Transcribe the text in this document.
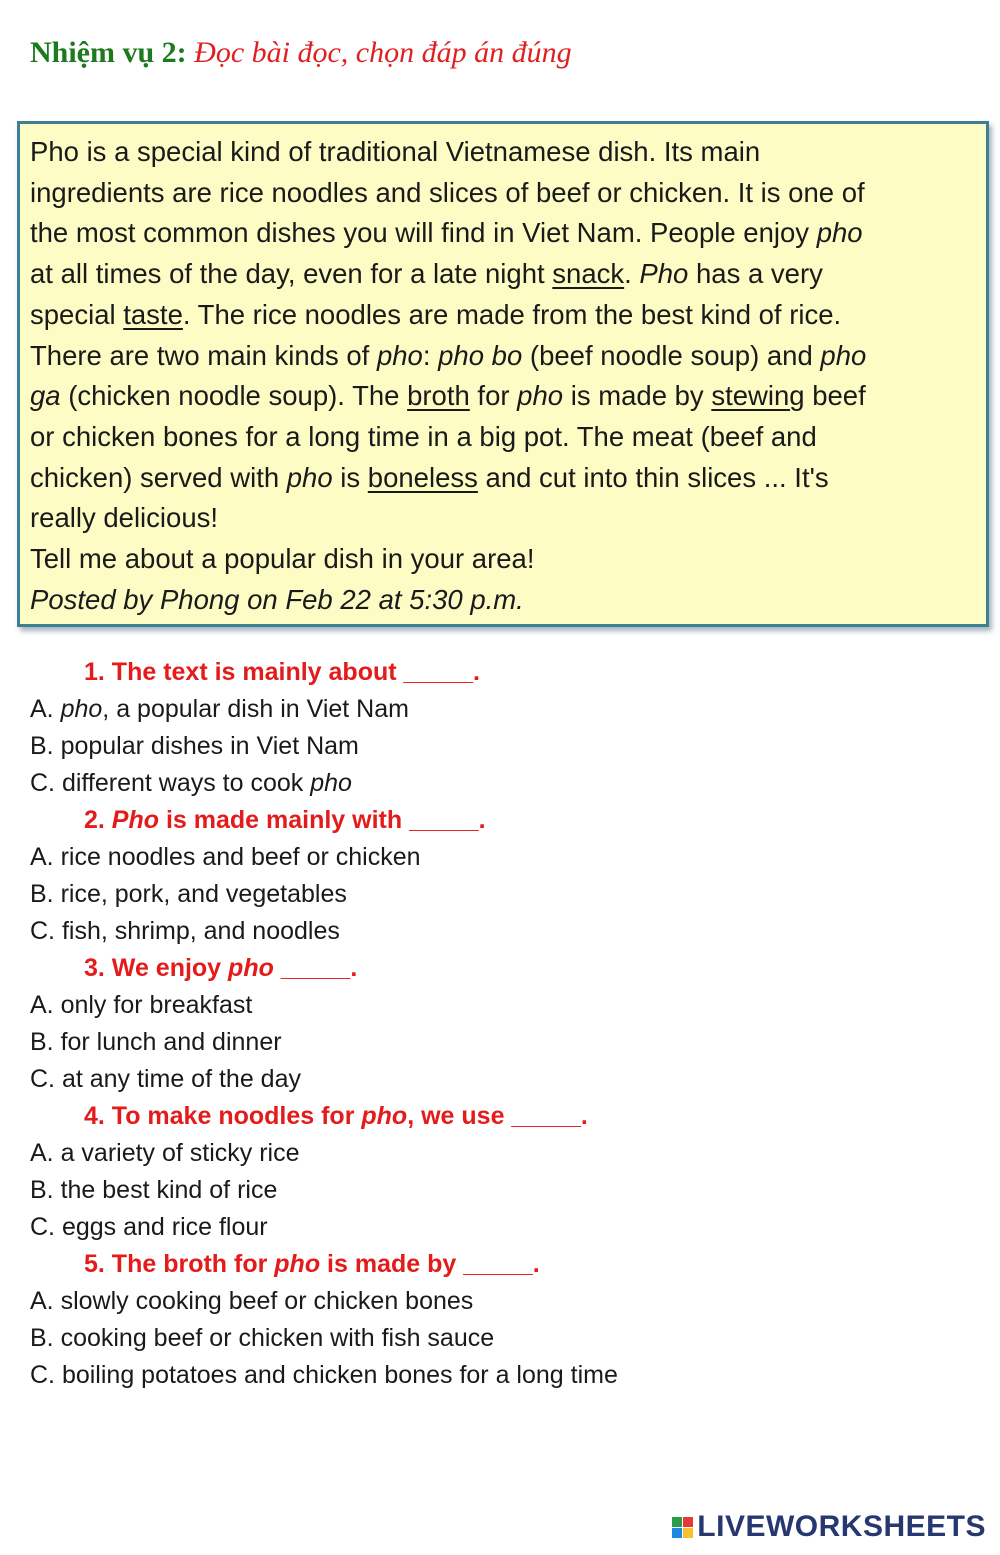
Nhiệm vụ 2: Đọc bài đọc, chọn đáp án đúng

Pho is a special kind of traditional Vietnamese dish. Its main

ingredients are rice noodles and slices of beef or chicken. It is one of

the most common dishes you will find in Viet Nam. People enjoy pho

at all times of the day, even for a late night snack. Pho has a very

special taste. The rice noodles are made from the best kind of rice.

There are two main kinds of pho: pho bo (beef noodle soup) and pho

ga (chicken noodle soup). The broth for pho is made by stewing beef

or chicken bones for a long time in a big pot. The meat (beef and

chicken) served with pho is boneless and cut into thin slices ... It's

really delicious!

Tell me about a popular dish in your area!

Posted by Phong on Feb 22 at 5:30 p.m.

1. The text is mainly about _____.
A. pho, a popular dish in Viet Nam
B. popular dishes in Viet Nam
C. different ways to cook pho
2. Pho is made mainly with _____.
A. rice noodles and beef or chicken
B. rice, pork, and vegetables
C. fish, shrimp, and noodles
3. We enjoy pho _____.
A. only for breakfast
B. for lunch and dinner
C. at any time of the day
4. To make noodles for pho, we use _____.
A. a variety of sticky rice
B. the best kind of rice
C. eggs and rice flour
5. The broth for pho is made by _____.
A. slowly cooking beef or chicken bones
B. cooking beef or chicken with fish sauce
C. boiling potatoes and chicken bones for a long time
LIVEWORKSHEETS
